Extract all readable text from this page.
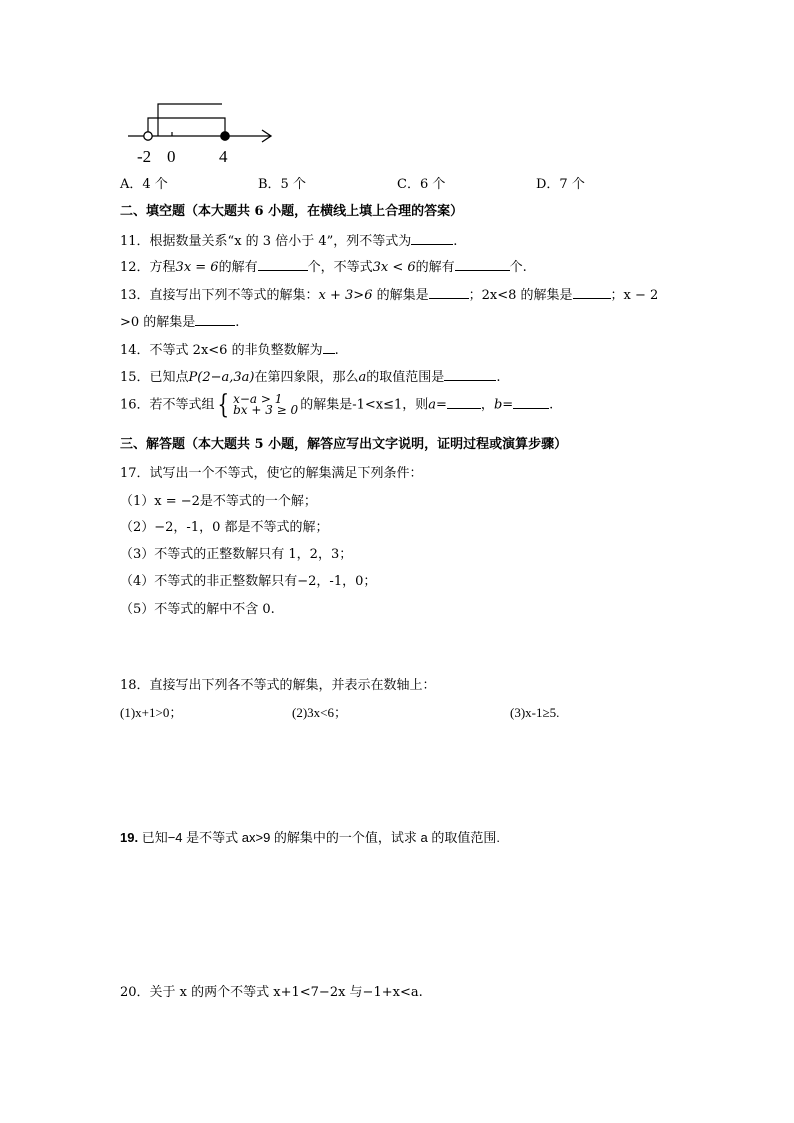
-2 0	4
A．4 个	B．5 个	C．6 个	D．7 个
二、填空题（本大题共 6 小题，在横线上填上合理的答案）
11．根据数量关系“x 的 3 倍小于 4”，列不等式为	.
12．方程3x = 6的解有	个，不等式3x < 6的解有	个.
13．直接写出下列不等式的解集：x + 3>6 的解集是	；2x<8 的解集是	；x − 2
>0 的解集是	.
14．不等式 2x<6 的非负整数解为 .
15．已知点P(2−a,3a)在第四象限，那么a的取值范围是	.
16．若不等式组{ x−a > 1
bx + 3 ≥ 0 的解集是-1<x≤1，则a=	，b=	.
三、解答题（本大题共 5 小题，解答应写出文字说明，证明过程或演算步骤）
17．试写出一个不等式，使它的解集满足下列条件：
（1）x = −2是不等式的一个解；
（2）−2，-1，0 都是不等式的解；
（3）不等式的正整数解只有 1，2，3；
（4）不等式的非正整数解只有−2，-1，0；
（5）不等式的解中不含 0.
18．直接写出下列各不等式的解集，并表示在数轴上：
(1)x+1>0；	(2)3x<6；	(3)x-1≥5.
19. 已知−4 是不等式 ax>9 的解集中的一个值，试求 a 的取值范围.
20．关于 x 的两个不等式 x+1<7−2x 与−1+x<a.
